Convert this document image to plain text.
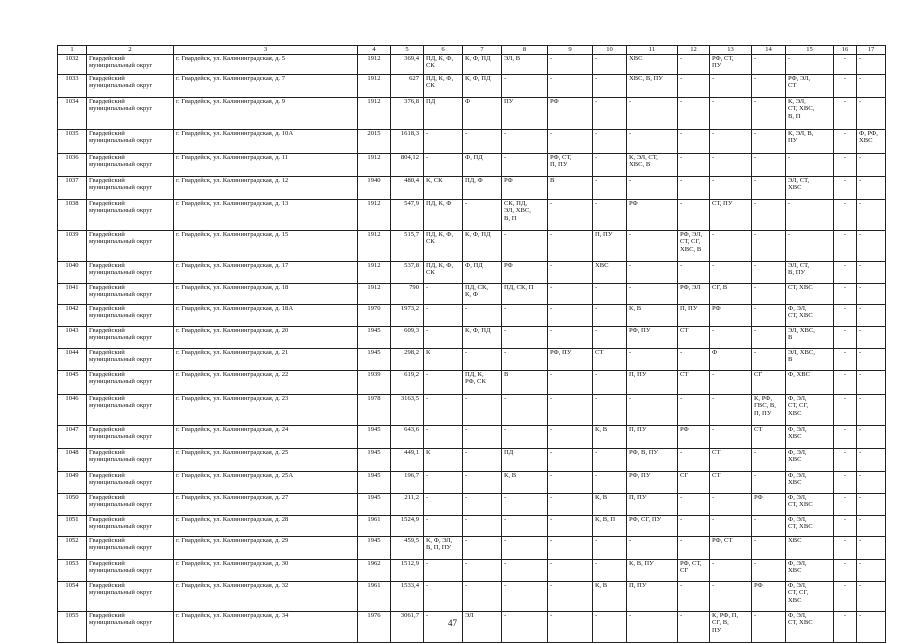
1	2	3	4	5	6	7	8	9	10	11	12	13	14	15	16	17
1032	Гвардейский
муниципальный округ	г. Гвардейск, ул. Калининградская, д. 5	1912	369,4	ПД, К, Ф,
СК	К, Ф, ПД	ЭЛ, В	-	-	ХВС	-	РФ, СТ,
ПУ	-	-	-	-
1033	Гвардейский
муниципальный округ	г. Гвардейск, ул. Калининградская, д. 7	1912	627	ПД, К, Ф,
СК	К, Ф, ПД	-	-	-	ХВС, В, ПУ	-	-	-	РФ, ЭЛ,
СТ	-	-
1034	Гвардейский
муниципальный округ	г. Гвардейск, ул. Калининградская, д. 9	1912	376,8	ПД	Ф	ПУ	РФ	-	-	-	-	-	К, ЭЛ,
СТ, ХВС,
В, П	-	-
1035	Гвардейский
муниципальный округ	г. Гвардейск, ул. Калининградская, д. 10А	2015	1618,3	-	-	-	-	-	-	-	-	-	К, ЭЛ, В,
ПУ	-	Ф, РФ,
ХВС
1036	Гвардейский
муниципальный округ	г. Гвардейск, ул. Калининградская, д. 11	1912	804,12	-	Ф, ПД	-	РФ, СТ,
П, ПУ	-	К, ЭЛ, СТ,
ХВС, В	-	-	-	-	-	-
1037	Гвардейский
муниципальный округ	г. Гвардейск, ул. Калининградская, д. 12	1940	480,4	К, СК	ПД, Ф	РФ	В	-	-	-	-	-	ЭЛ, СТ,
ХВС	-	-
1038	Гвардейский
муниципальный округ	г. Гвардейск, ул. Калининградская, д. 13	1912	547,9	ПД, К, Ф	-	СК, ПД,
ЭЛ, ХВС,
В, П	-	-	РФ	-	СТ, ПУ	-	-	-	-
1039	Гвардейский
муниципальный округ	г. Гвардейск, ул. Калининградская, д. 15	1912	515,7	ПД, К, Ф,
СК	К, Ф, ПД	-	-	П, ПУ	-	РФ, ЭЛ,
СТ, СГ,
ХВС, В	-	-	-	-	-
1040	Гвардейский
муниципальный округ	г. Гвардейск, ул. Калининградская, д. 17	1912	537,8	ПД, К, Ф,
СК	Ф, ПД	РФ	-	ХВС	-	-	-	-	ЭЛ, СТ,
В, ПУ	-	-
1041	Гвардейский
муниципальный округ	г. Гвардейск, ул. Калининградская, д. 18	1912	790	-	ПД, СК,
К, Ф	ПД, СК, П	-	-	-	РФ, ЭЛ	СГ, В	-	СТ, ХВС	-	-
1042	Гвардейский
муниципальный округ	г. Гвардейск, ул. Калининградская, д. 18А	1970	1973,2	-	-	-	-	-	К, В	П, ПУ	РФ	-	Ф, ЭЛ,
СТ, ХВС	-	-
1043	Гвардейский
муниципальный округ	г. Гвардейск, ул. Калининградская, д. 20	1945	609,3	-	К, Ф, ПД	-	-	-	РФ, ПУ	СТ	-	-	ЭЛ, ХВС,
В	-	-
1044	Гвардейский
муниципальный округ	г. Гвардейск, ул. Калининградская, д. 21	1945	298,2	К	-	-	РФ, ПУ	СТ	-	-	Ф	-	ЭЛ, ХВС,
В	-	-
1045	Гвардейский
муниципальный округ	г. Гвардейск, ул. Калининградская, д. 22	1939	619,2	-	ПД, К,
РФ, СК	В	-	-	П, ПУ	СТ	-	СГ	Ф, ХВС	-	-
1046	Гвардейский
муниципальный округ	г. Гвардейск, ул. Калининградская, д. 23	1978	3163,5	-	-	-	-	-	-	-	-	К, РФ,
ГВС, В,
П, ПУ	Ф, ЭЛ,
СТ, СГ,
ХВС	-	-
1047	Гвардейский
муниципальный округ	г. Гвардейск, ул. Калининградская, д. 24	1945	643,6	-	-	-	-	К, В	П, ПУ	РФ	-	СТ	Ф, ЭЛ,
ХВС	-	-
1048	Гвардейский
муниципальный округ	г. Гвардейск, ул. Калининградская, д. 25	1945	449,1	К	-	ПД	-	-	РФ, В, ПУ	-	СТ	-	Ф, ЭЛ,
ХВС	-	-
1049	Гвардейский
муниципальный округ	г. Гвардейск, ул. Калининградская, д. 25А	1945	196,7	-	-	К, В	-	-	РФ, ПУ	СГ	СТ	-	Ф, ЭЛ,
ХВС	-	-
1050	Гвардейский
муниципальный округ	г. Гвардейск, ул. Калининградская, д. 27	1945	211,2	-	-	-	-	К, В	П, ПУ	-	-	РФ	Ф, ЭЛ,
СТ, ХВС	-	-
1051	Гвардейский
муниципальный округ	г. Гвардейск, ул. Калининградская, д. 28	1961	1524,9	-	-	-	-	К, В, П	РФ, СГ, ПУ	-	-	-	Ф, ЭЛ,
СТ, ХВС	-	-
1052	Гвардейский
муниципальный округ	г. Гвардейск, ул. Калининградская, д. 29	1945	459,5	К, Ф, ЭЛ,
В, П, ПУ	-	-	-	-	-	-	РФ, СТ	-	ХВС	-	-
1053	Гвардейский
муниципальный округ	г. Гвардейск, ул. Калининградская, д. 30	1962	1512,9	-	-	-	-	-	К, В, ПУ	РФ, СТ,
СГ	-	-	Ф, ЭЛ,
ХВС	-	-
1054	Гвардейский
муниципальный округ	г. Гвардейск, ул. Калининградская, д. 32	1961	1533,4	-	-	-	-	К, В	П, ПУ	-	-	РФ	Ф, ЭЛ,
СТ, СГ,
ХВС	-	-
1055	Гвардейский
муниципальный округ	г. Гвардейск, ул. Калининградская, д. 34	1976	3061,7	-	ЭЛ	-	-	-	-	-	К, РФ, П,
СГ, В,
ПУ	-	Ф, ЭЛ,
СТ, ХВС	-	-
47
